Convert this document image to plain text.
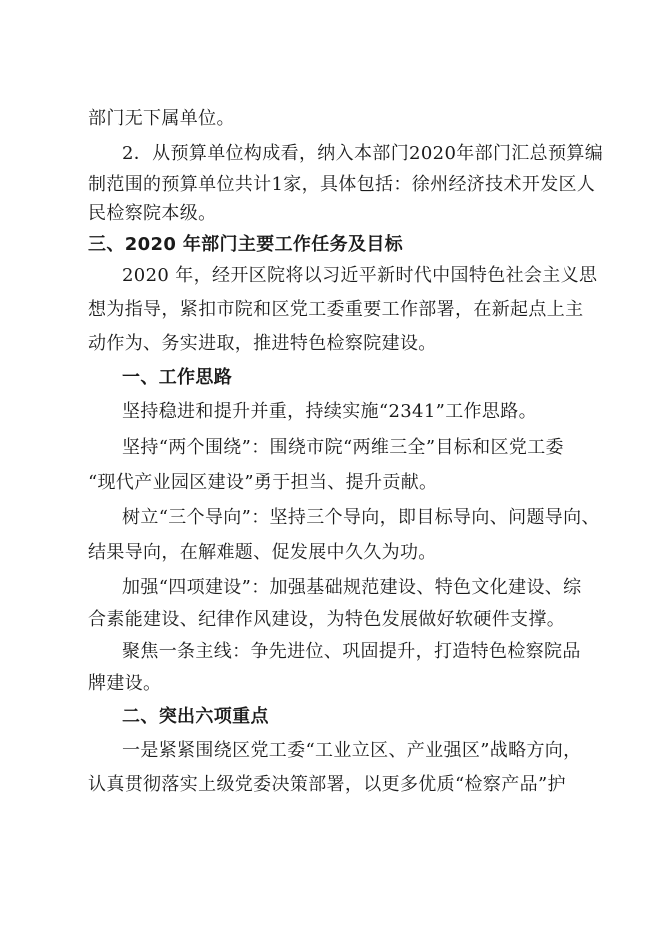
部门无下属单位。
2．从预算单位构成看，纳入本部门2020年部门汇总预算编
制范围的预算单位共计1家，具体包括：徐州经济技术开发区人
民检察院本级。
三、2020 年部门主要工作任务及目标
2020 年，经开区院将以习近平新时代中国特色社会主义思
想为指导，紧扣市院和区党工委重要工作部署，在新起点上主
动作为、务实进取，推进特色检察院建设。
一、工作思路
坚持稳进和提升并重，持续实施“2341”工作思路。
坚持“两个围绕”：围绕市院“两维三全”目标和区党工委
“现代产业园区建设”勇于担当、提升贡献。
树立“三个导向”：坚持三个导向，即目标导向、问题导向、
结果导向，在解难题、促发展中久久为功。
加强“四项建设”：加强基础规范建设、特色文化建设、综
合素能建设、纪律作风建设，为特色发展做好软硬件支撑。
聚焦一条主线：争先进位、巩固提升，打造特色检察院品
牌建设。
二、突出六项重点
一是紧紧围绕区党工委“工业立区、产业强区”战略方向，
认真贯彻落实上级党委决策部署，以更多优质“检察产品”护
